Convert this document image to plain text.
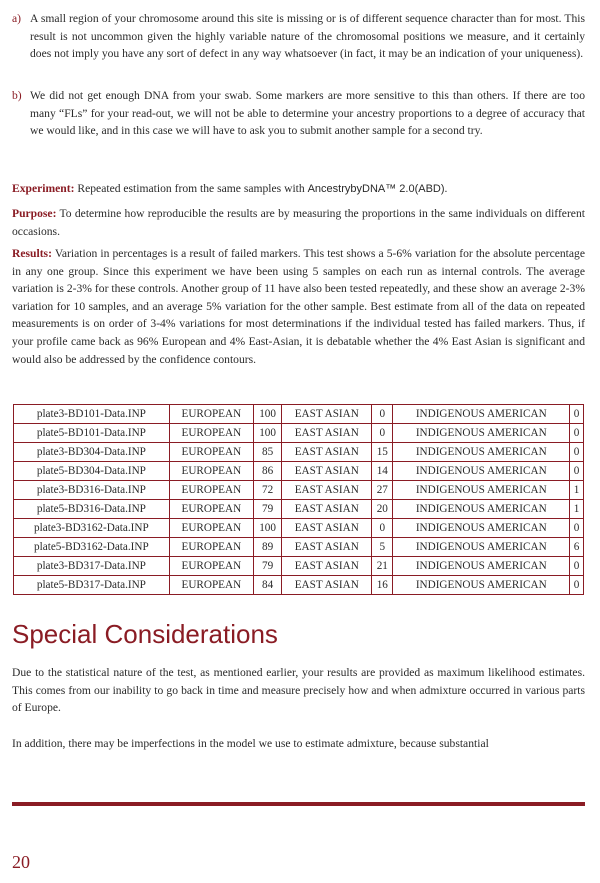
a) A small region of your chromosome around this site is missing or is of different sequence character than for most. This result is not uncommon given the highly variable nature of the chromosomal positions we measure, and it certainly does not imply you have any sort of defect in any way whatsoever (in fact, it may be an indication of your uniqueness).
b) We did not get enough DNA from your swab. Some markers are more sensitive to this than others. If there are too many “FLs” for your read-out, we will not be able to determine your ancestry proportions to a degree of accuracy that we would like, and in this case we will have to ask you to submit another sample for a second try.

Experiment: Repeated estimation from the same samples with AncestrybyDNA™ 2.0(ABD).

Purpose: To determine how reproducible the results are by measuring the proportions in the same individuals on different occasions.

Results: Variation in percentages is a result of failed markers. This test shows a 5-6% variation for the absolute percentage in any one group. Since this experiment we have been using 5 samples on each run as internal controls. The average variation is 2-3% for these controls. Another group of 11 have also been tested repeatedly, and these show an average 2-3% variation for 10 samples, and an average 5% variation for the other sample. Best estimate from all of the data on repeated measurements is on order of 3-4% variations for most determinations if the individual tested has failed markers. Thus, if your profile came back as 96% European and 4% East-Asian, it is debatable whether the 4% East Asian is significant and would also be addressed by the confidence contours.

plate3-BD101-Data.INP	EUROPEAN	100	EAST ASIAN	0	INDIGENOUS AMERICAN	0
plate5-BD101-Data.INP	EUROPEAN	100	EAST ASIAN	0	INDIGENOUS AMERICAN	0
plate3-BD304-Data.INP	EUROPEAN	85	EAST ASIAN	15	INDIGENOUS AMERICAN	0
plate5-BD304-Data.INP	EUROPEAN	86	EAST ASIAN	14	INDIGENOUS AMERICAN	0
plate3-BD316-Data.INP	EUROPEAN	72	EAST ASIAN	27	INDIGENOUS AMERICAN	1
plate5-BD316-Data.INP	EUROPEAN	79	EAST ASIAN	20	INDIGENOUS AMERICAN	1
plate3-BD3162-Data.INP	EUROPEAN	100	EAST ASIAN	0	INDIGENOUS AMERICAN	0
plate5-BD3162-Data.INP	EUROPEAN	89	EAST ASIAN	5	INDIGENOUS AMERICAN	6
plate3-BD317-Data.INP	EUROPEAN	79	EAST ASIAN	21	INDIGENOUS AMERICAN	0
plate5-BD317-Data.INP	EUROPEAN	84	EAST ASIAN	16	INDIGENOUS AMERICAN	0
Special Considerations

Due to the statistical nature of the test, as mentioned earlier, your results are provided as maximum likelihood estimates. This comes from our inability to go back in time and measure precisely how and when admixture occurred in various parts of Europe.

In addition, there may be imperfections in the model we use to estimate admixture, because substantial

20
